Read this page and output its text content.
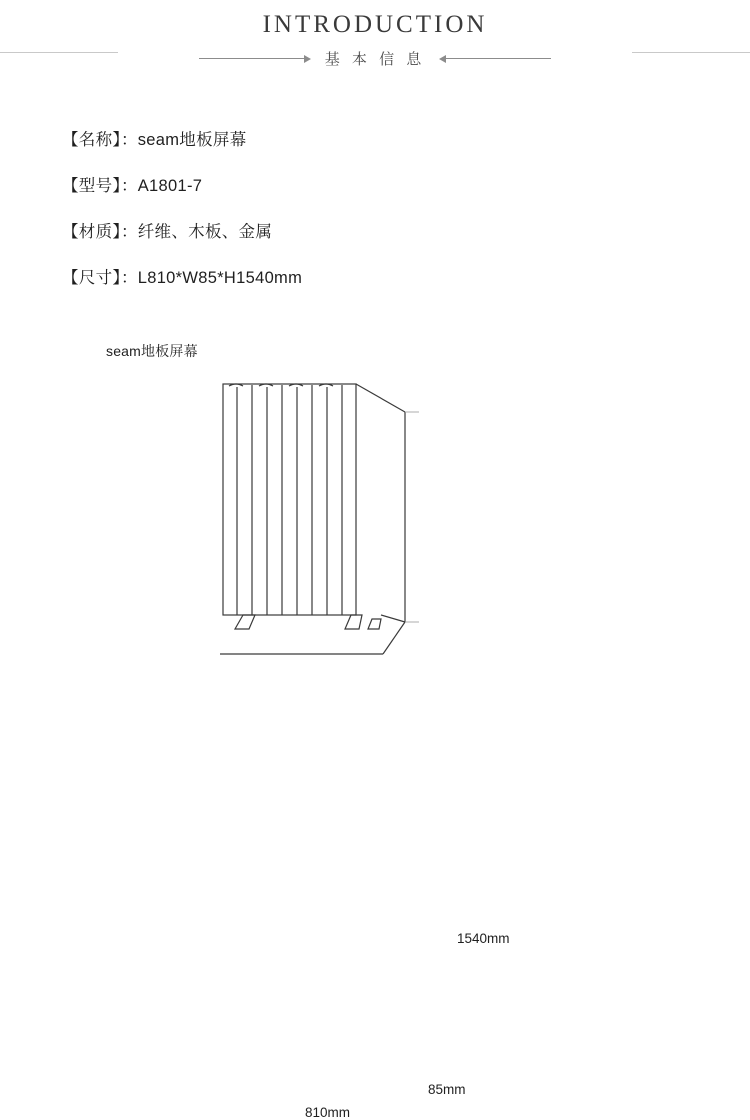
INTRODUCTION
基 本 信 息
【名称】：seam地板屏幕
【型号】：A1801-7
【材质】：纤维、木板、金属
【尺寸】：L810*W85*H1540mm
seam地板屏幕
1540mm
85mm
810mm
